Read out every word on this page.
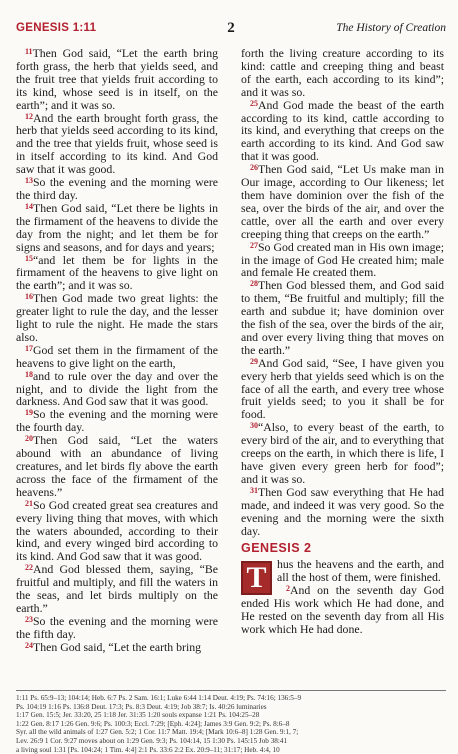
GENESIS 1:11	2	The History of Creation

$^{11}$Then God said, “Let the earth bring forth grass, the herb that yields seed, and the fruit tree that yields fruit according to its kind, whose seed is in itself, on the earth”; and it was so.

$^{12}$And the earth brought forth grass, the herb that yields seed according to its kind, and the tree that yields fruit, whose seed is in itself according to its kind. And God saw that it was good.

$^{13}$So the evening and the morning were the third day.

$^{14}$Then God said, “Let there be lights in the firmament of the heavens to divide the day from the night; and let them be for signs and seasons, and for days and years;

$^{15}$“and let them be for lights in the firmament of the heavens to give light on the earth”; and it was so.

$^{16}$Then God made two great lights: the greater light to rule the day, and the lesser light to rule the night. He made the stars also.

$^{17}$God set them in the firmament of the heavens to give light on the earth,

$^{18}$and to rule over the day and over the night, and to divide the light from the darkness. And God saw that it was good.

$^{19}$So the evening and the morning were the fourth day.

$^{20}$Then God said, “Let the waters abound with an abundance of living creatures, and let birds fly above the earth across the face of the firmament of the heavens.”

$^{21}$So God created great sea creatures and every living thing that moves, with which the waters abounded, according to their kind, and every winged bird according to its kind. And God saw that it was good.

$^{22}$And God blessed them, saying, “Be fruitful and multiply, and fill the waters in the seas, and let birds multiply on the earth.”

$^{23}$So the evening and the morning were the fifth day.

$^{24}$Then God said, “Let the earth bring

forth the living creature according to its kind: cattle and creeping thing and beast of the earth, each according to its kind”; and it was so.

$^{25}$And God made the beast of the earth according to its kind, cattle according to its kind, and everything that creeps on the earth according to its kind. And God saw that it was good.

$^{26}$Then God said, “Let Us make man in Our image, according to Our likeness; let them have dominion over the fish of the sea, over the birds of the air, and over the cattle, over all the earth and over every creeping thing that creeps on the earth.”

$^{27}$So God created man in His own image; in the image of God He created him; male and female He created them.

$^{28}$Then God blessed them, and God said to them, “Be fruitful and multiply; fill the earth and subdue it; have dominion over the fish of the sea, over the birds of the air, and over every living thing that moves on the earth.”

$^{29}$And God said, “See, I have given you every herb that yields seed which is on the face of all the earth, and every tree whose fruit yields seed; to you it shall be for food.

$^{30}$“Also, to every beast of the earth, to every bird of the air, and to everything that creeps on the earth, in which there is life, I have given every green herb for food”; and it was so.

$^{31}$Then God saw everything that He had made, and indeed it was very good. So the evening and the morning were the sixth day.

GENESIS 2

T hus the heavens and the earth, and all the host of them, were finished.

$^2$And on the seventh day God ended His work which He had done, and He rested on the seventh day from all His work which He had done.

1:11 Ps. 65:9–13; 104:14; Heb. 6:7 Ps. 2 Sam. 16:1; Luke 6:44 1:14 Deut. 4:19; Ps. 74:16; 136:5–9

Ps. 104:19 1:16 Ps. 136:8 Deut. 17:3; Ps. 8:3 Deut. 4:19; Job 38:7; Is. 40:26 luminaries

1:17 Gen. 15:5; Jer. 33:20, 25 1:18 Jer. 31:35 1:20 souls expanse 1:21 Ps. 104:25–28

1:22 Gen. 8:17 1:26 Gen. 9:6; Ps. 100:3; Eccl. 7:29; [Eph. 4:24]; James 3:9 Gen. 9:2; Ps. 8:6–8

Syr. all the wild animals of 1:27 Gen. 5:2; 1 Cor. 11:7 Matt. 19:4; [Mark 10:6–8] 1:28 Gen. 9:1, 7;

Lev. 26:9 1 Cor. 9:27 moves about on 1:29 Gen. 9:3; Ps. 104:14, 15 1:30 Ps. 145:15 Job 38:41

a living soul 1:31 [Ps. 104:24; 1 Tim. 4:4] 2:1 Ps. 33:6 2:2 Ex. 20:9–11; 31:17; Heb. 4:4, 10
